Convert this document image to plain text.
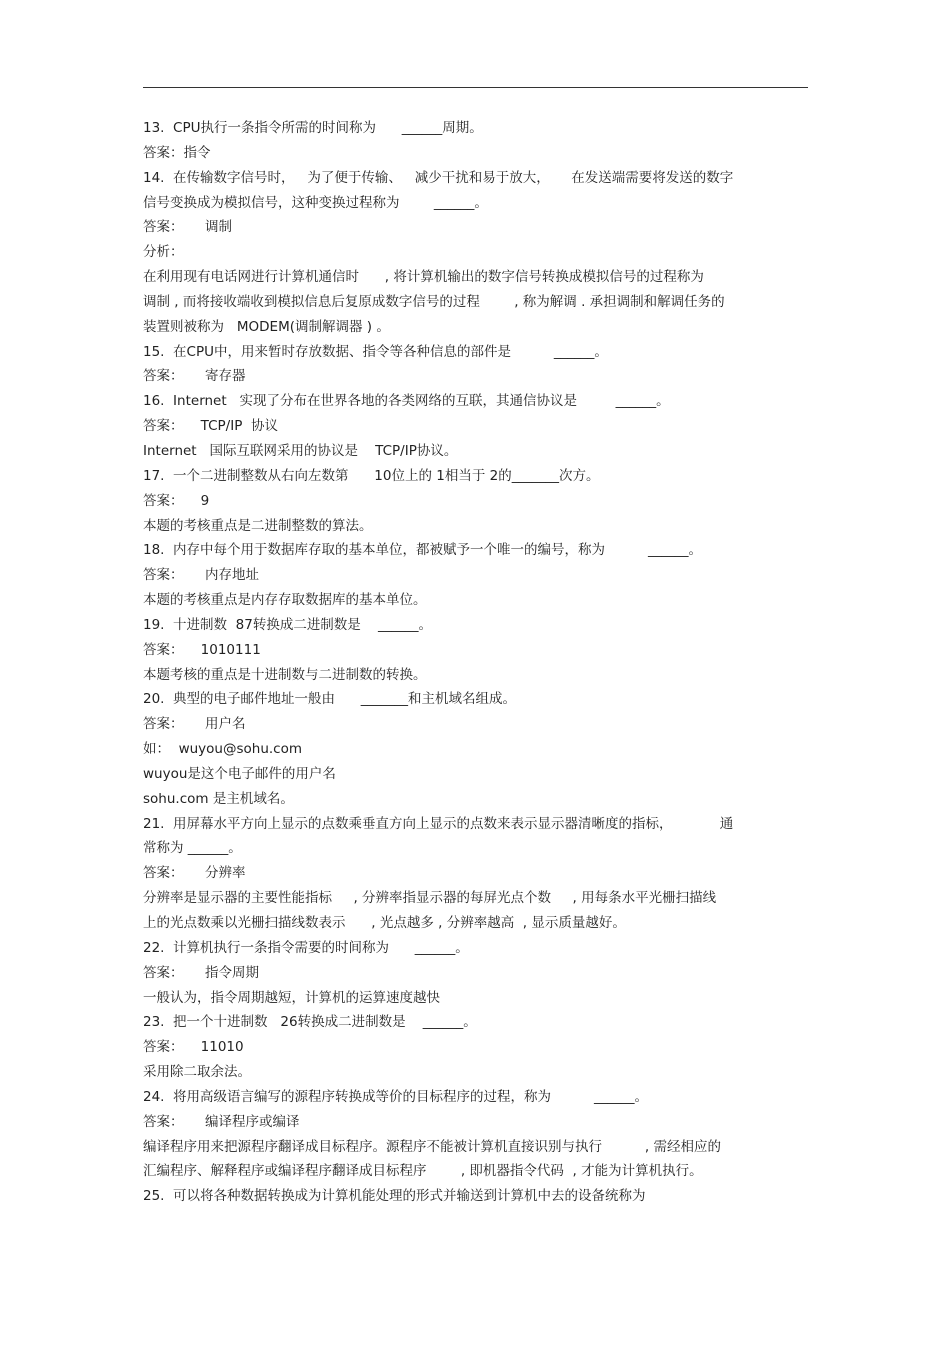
13.  CPU执行一条指令所需的时间称为      ______周期。
答案：指令
14.  在传输数字信号时，   为了便于传输、   减少干扰和易于放大，     在发送端需要将发送的数字
信号变换成为模拟信号，这种变换过程称为        ______。
答案：     调制
分析：
在利用现有电话网进行计算机通信时      , 将计算机输出的数字信号转换成模拟信号的过程称为
调制 , 而将接收端收到模拟信息后复原成数字信号的过程        , 称为解调 . 承担调制和解调任务的
装置则被称为   MODEM(调制解调器 ) 。
15.  在CPU中，用来暂时存放数据、指令等各种信息的部件是          ______。
答案：     寄存器
16.  Internet   实现了分布在世界各地的各类网络的互联，其通信协议是         ______。
答案：    TCP/IP  协议
Internet   国际互联网采用的协议是    TCP/IP协议。
17.  一个二进制整数从右向左数第      10位上的 1相当于 2的_______次方。
答案：    9
本题的考核重点是二进制整数的算法。
18.  内存中每个用于数据库存取的基本单位，都被赋予一个唯一的编号，称为          ______。
答案：     内存地址
本题的考核重点是内存存取数据库的基本单位。
19.  十进制数  87转换成二进制数是    ______。
答案：    1010111
本题考核的重点是十进制数与二进制数的转换。
20.  典型的电子邮件地址一般由      _______和主机域名组成。
答案：     用户名
如：  wuyou@sohu.com
wuyou是这个电子邮件的用户名
sohu.com 是主机域名。
21.  用屏幕水平方向上显示的点数乘垂直方向上显示的点数来表示显示器清晰度的指标，           通
常称为 ______。
答案：     分辨率
分辨率是显示器的主要性能指标     , 分辨率指显示器的每屏光点个数     , 用每条水平光栅扫描线
上的光点数乘以光栅扫描线数表示      , 光点越多 , 分辨率越高  , 显示质量越好。
22.  计算机执行一条指令需要的时间称为      ______。
答案：     指令周期
一般认为，指令周期越短，计算机的运算速度越快
23.  把一个十进制数   26转换成二进制数是    ______。
答案：    11010
采用除二取余法。
24.  将用高级语言编写的源程序转换成等价的目标程序的过程，称为          ______。
答案：     编译程序或编译
编译程序用来把源程序翻译成目标程序。源程序不能被计算机直接识别与执行          , 需经相应的
汇编程序、解释程序或编译程序翻译成目标程序        , 即机器指令代码  , 才能为计算机执行。
25.  可以将各种数据转换成为计算机能处理的形式并输送到计算机中去的设备统称为
